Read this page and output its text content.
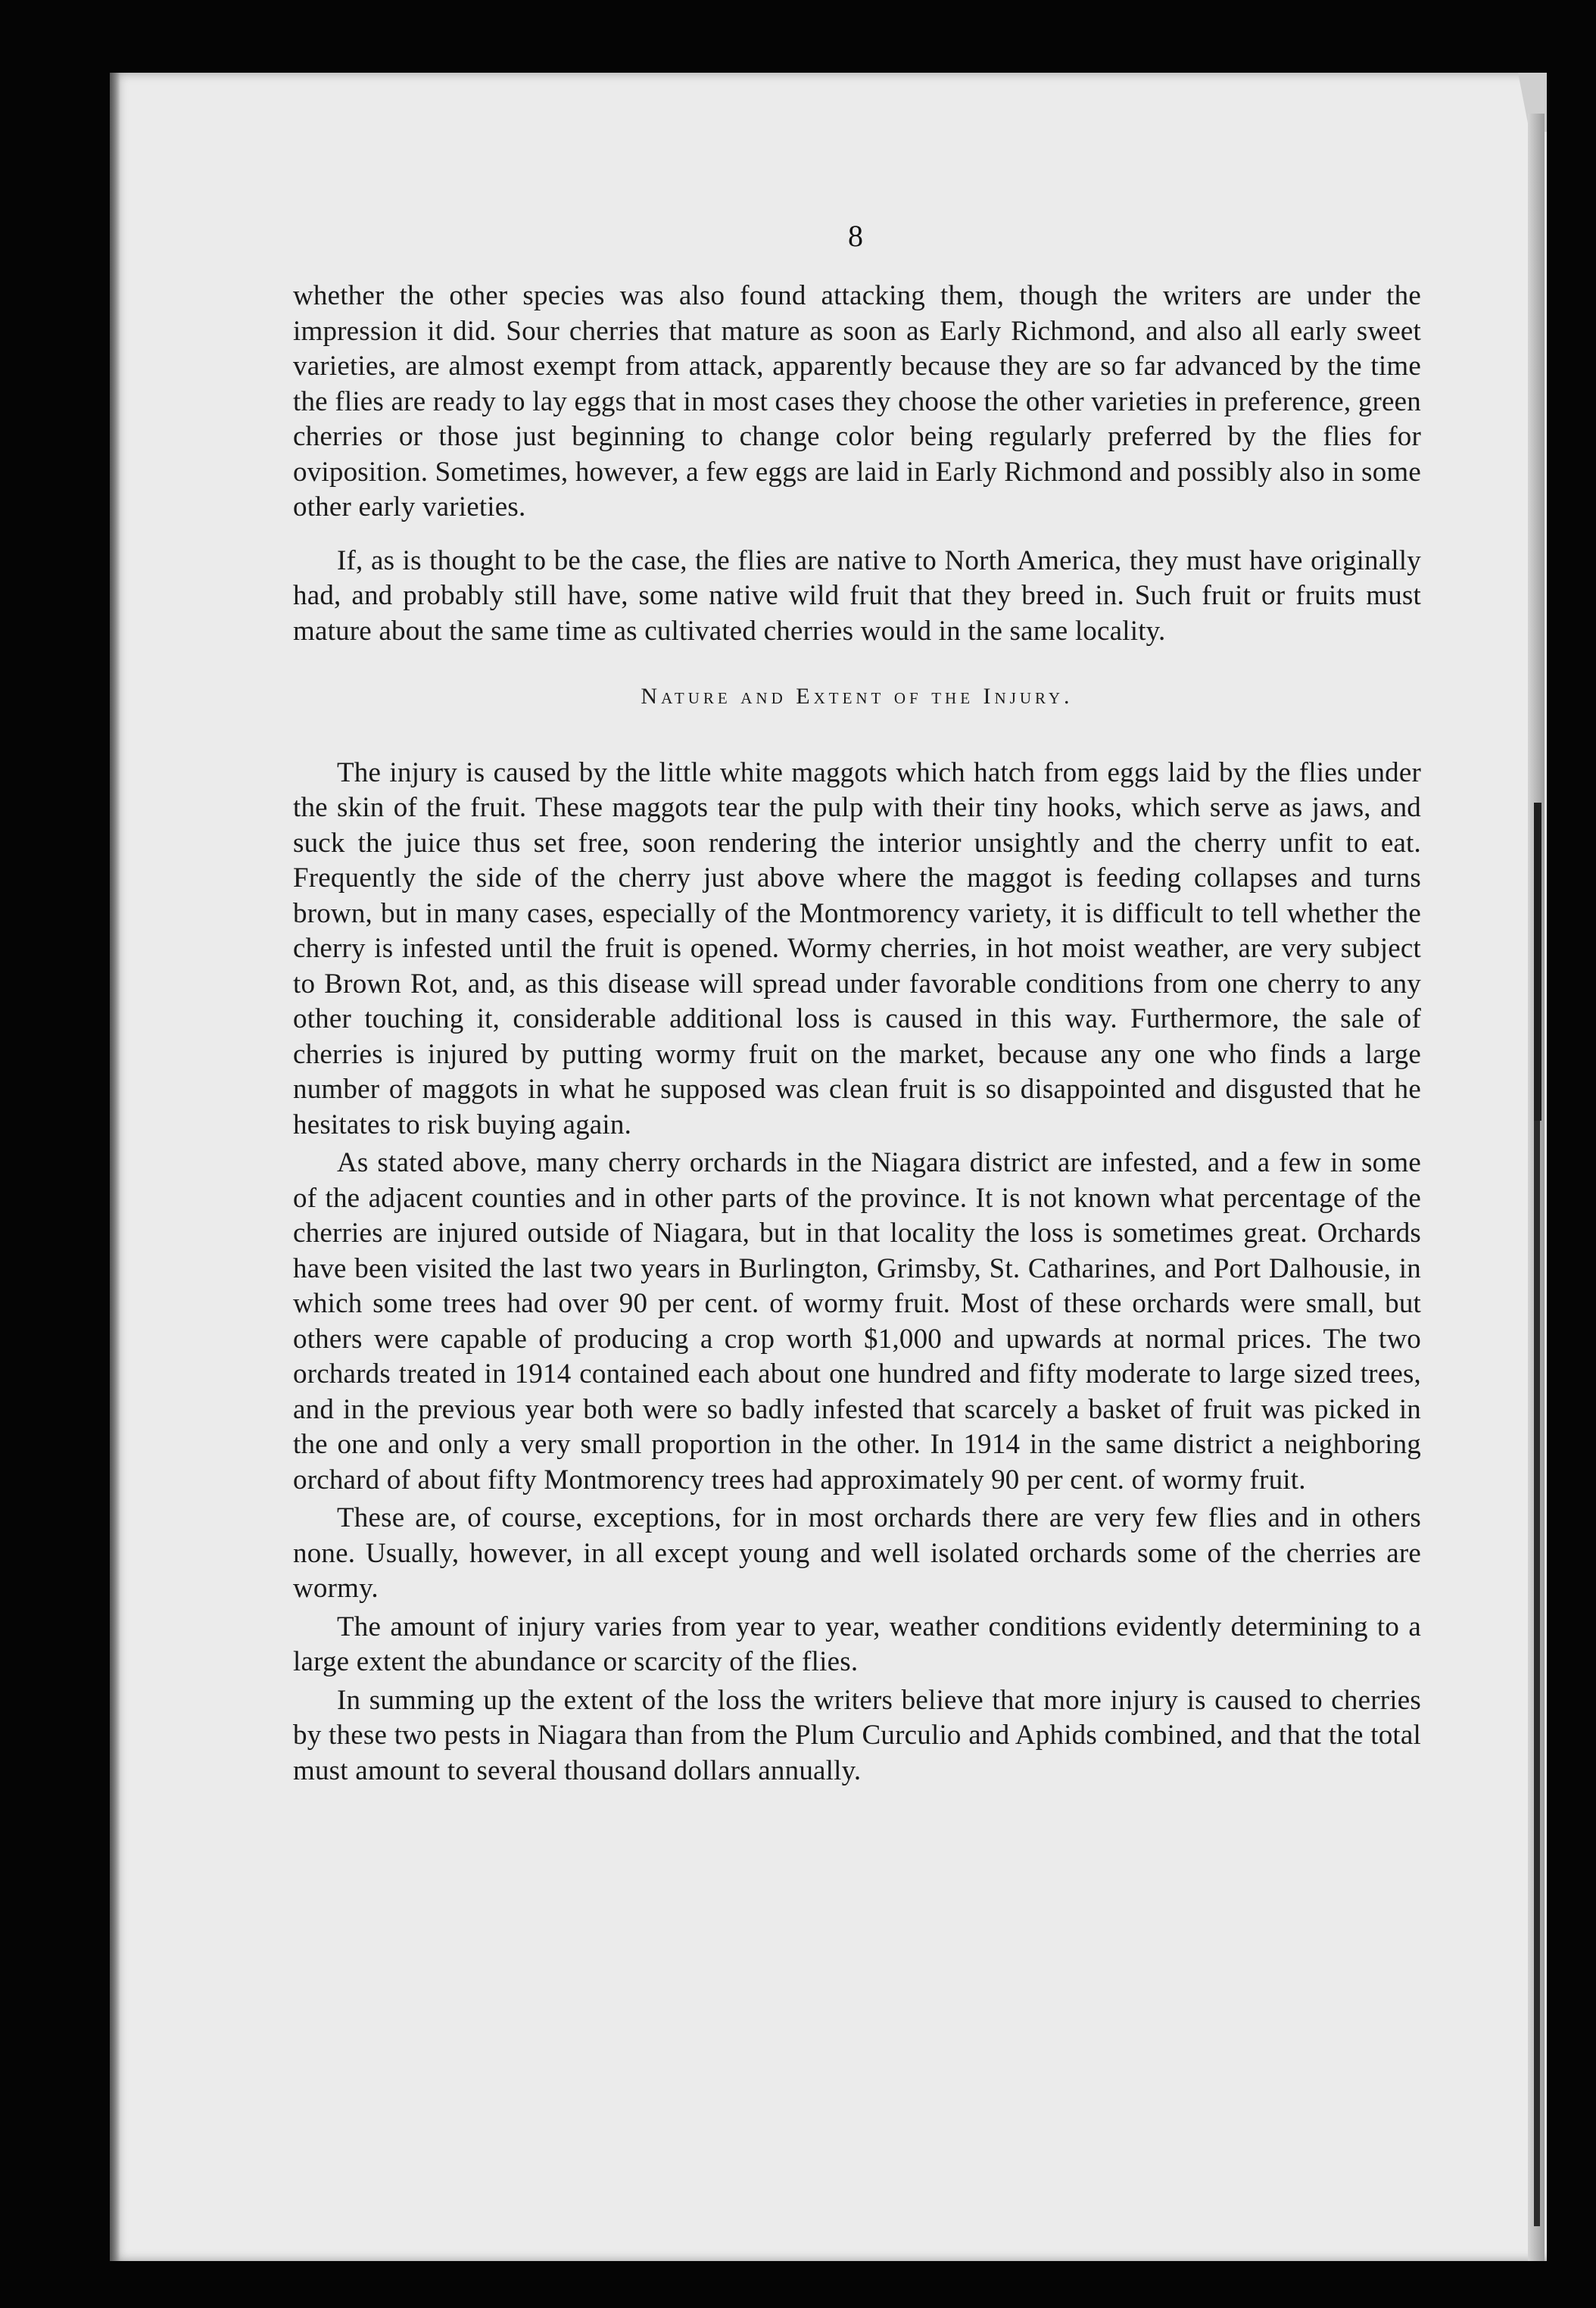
8

whether the other species was also found attacking them, though the writers are under the impression it did. Sour cherries that mature as soon as Early Richmond, and also all early sweet varieties, are almost exempt from attack, apparently because they are so far advanced by the time the flies are ready to lay eggs that in most cases they choose the other varieties in preference, green cherries or those just beginning to change color being regularly preferred by the flies for oviposition. Sometimes, however, a few eggs are laid in Early Richmond and possibly also in some other early varieties.

If, as is thought to be the case, the flies are native to North America, they must have originally had, and probably still have, some native wild fruit that they breed in. Such fruit or fruits must mature about the same time as cultivated cherries would in the same locality.

Nature and Extent of the Injury.

The injury is caused by the little white maggots which hatch from eggs laid by the flies under the skin of the fruit. These maggots tear the pulp with their tiny hooks, which serve as jaws, and suck the juice thus set free, soon rendering the interior unsightly and the cherry unfit to eat. Frequently the side of the cherry just above where the maggot is feeding collapses and turns brown, but in many cases, especially of the Montmorency variety, it is difficult to tell whether the cherry is infested until the fruit is opened. Wormy cherries, in hot moist weather, are very subject to Brown Rot, and, as this disease will spread under favorable conditions from one cherry to any other touching it, considerable additional loss is caused in this way. Furthermore, the sale of cherries is injured by putting wormy fruit on the market, because any one who finds a large number of maggots in what he supposed was clean fruit is so disappointed and disgusted that he hesitates to risk buying again.

As stated above, many cherry orchards in the Niagara district are infested, and a few in some of the adjacent counties and in other parts of the province. It is not known what percentage of the cherries are injured outside of Niagara, but in that locality the loss is sometimes great. Orchards have been visited the last two years in Burlington, Grimsby, St. Catharines, and Port Dalhousie, in which some trees had over 90 per cent. of wormy fruit. Most of these orchards were small, but others were capable of producing a crop worth $1,000 and upwards at normal prices. The two orchards treated in 1914 contained each about one hundred and fifty moderate to large sized trees, and in the previous year both were so badly infested that scarcely a basket of fruit was picked in the one and only a very small proportion in the other. In 1914 in the same district a neighboring orchard of about fifty Montmorency trees had approximately 90 per cent. of wormy fruit.

These are, of course, exceptions, for in most orchards there are very few flies and in others none. Usually, however, in all except young and well isolated orchards some of the cherries are wormy.

The amount of injury varies from year to year, weather conditions evidently determining to a large extent the abundance or scarcity of the flies.

In summing up the extent of the loss the writers believe that more injury is caused to cherries by these two pests in Niagara than from the Plum Curculio and Aphids combined, and that the total must amount to several thousand dollars annually.
